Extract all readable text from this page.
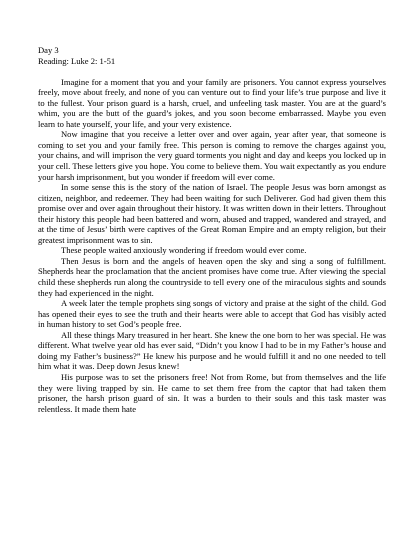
Day 3
Reading: Luke 2: 1-51

Imagine for a moment that you and your family are prisoners. You cannot express yourselves freely, move about freely, and none of you can venture out to find your life’s true purpose and live it to the fullest. Your prison guard is a harsh, cruel, and unfeeling task master. You are at the guard’s whim, you are the butt of the guard’s jokes, and you soon become embarrassed. Maybe you even learn to hate yourself, your life, and your very existence.

Now imagine that you receive a letter over and over again, year after year, that someone is coming to set you and your family free. This person is coming to remove the charges against you, your chains, and will imprison the very guard torments you night and day and keeps you locked up in your cell. These letters give you hope. You come to believe them. You wait expectantly as you endure your harsh imprisonment, but you wonder if freedom will ever come.

In some sense this is the story of the nation of Israel. The people Jesus was born amongst as citizen, neighbor, and redeemer. They had been waiting for such Deliverer. God had given them this promise over and over again throughout their history. It was written down in their letters. Throughout their history this people had been battered and worn, abused and trapped, wandered and strayed, and at the time of Jesus’ birth were captives of the Great Roman Empire and an empty religion, but their greatest imprisonment was to sin.

These people waited anxiously wondering if freedom would ever come.

Then Jesus is born and the angels of heaven open the sky and sing a song of fulfillment. Shepherds hear the proclamation that the ancient promises have come true. After viewing the special child these shepherds run along the countryside to tell every one of the miraculous sights and sounds they had experienced in the night.

A week later the temple prophets sing songs of victory and praise at the sight of the child. God has opened their eyes to see the truth and their hearts were able to accept that God has visibly acted in human history to set God’s people free.

All these things Mary treasured in her heart. She knew the one born to her was special. He was different. What twelve year old has ever said, “Didn’t you know I had to be in my Father’s house and doing my Father’s business?” He knew his purpose and he would fulfill it and no one needed to tell him what it was. Deep down Jesus knew!

His purpose was to set the prisoners free! Not from Rome, but from themselves and the life they were living trapped by sin. He came to set them free from the captor that had taken them prisoner, the harsh prison guard of sin. It was a burden to their souls and this task master was relentless. It made them hate
